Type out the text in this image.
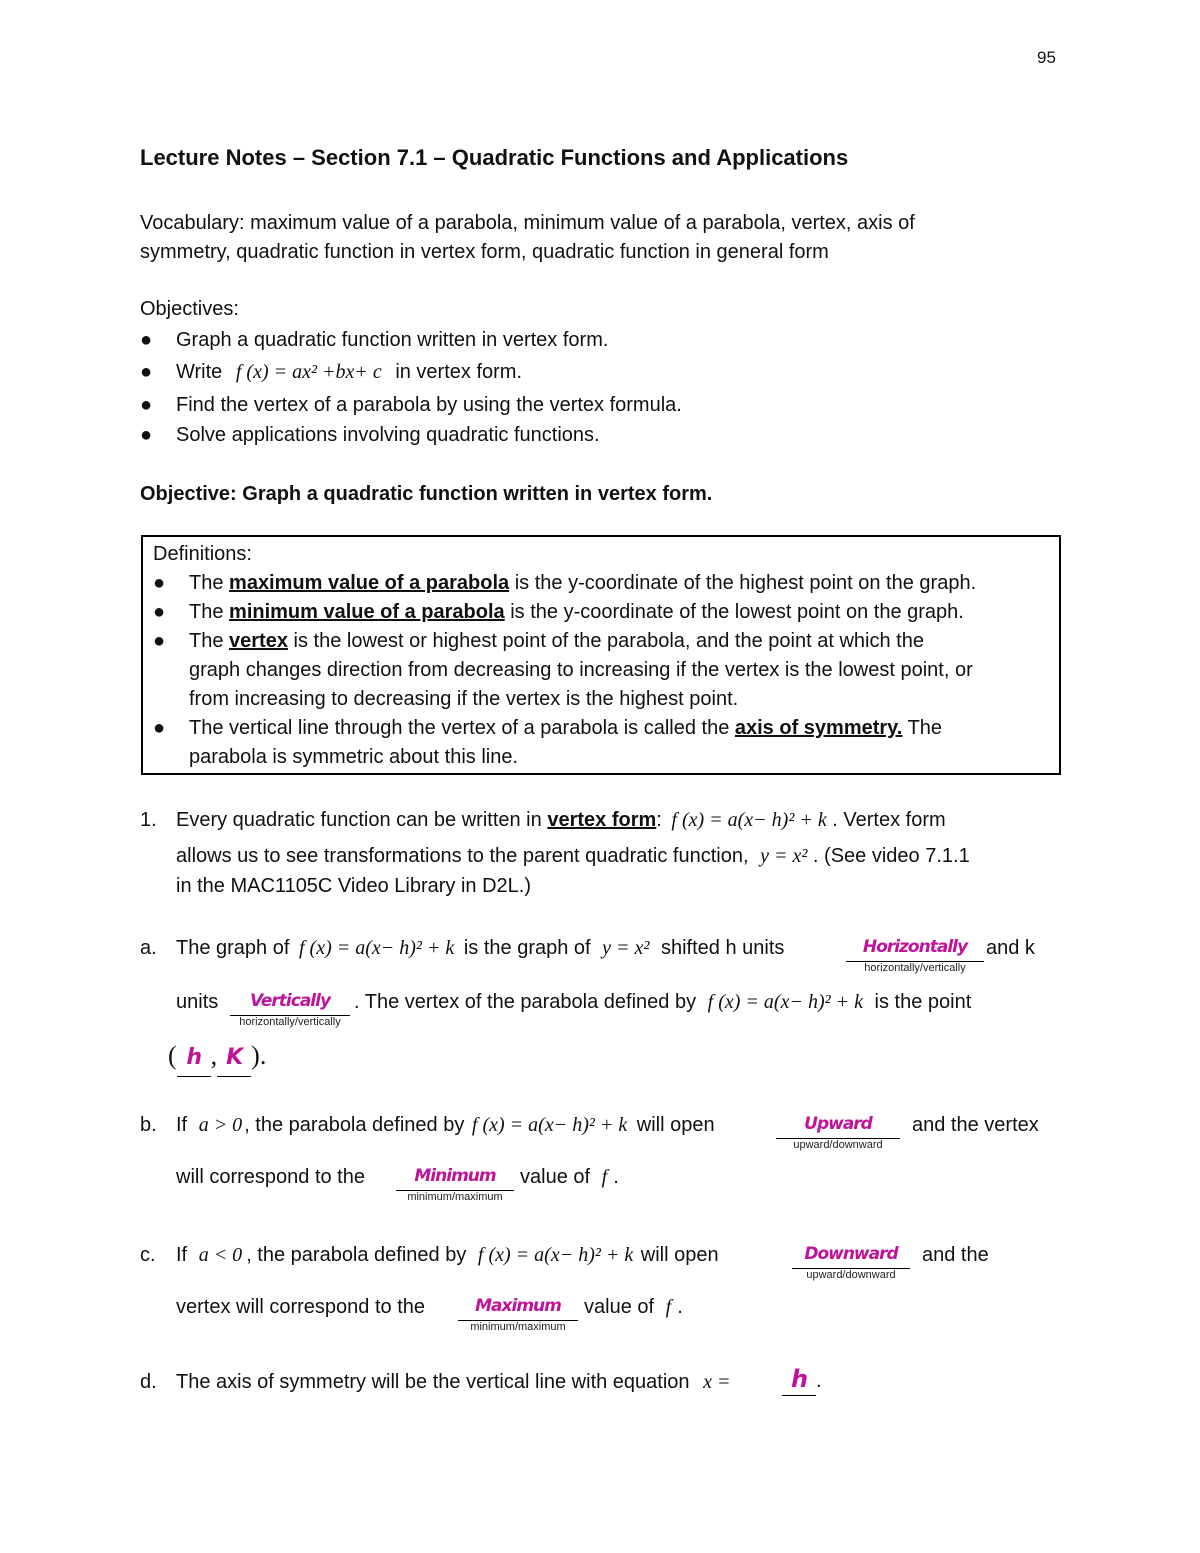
95
Lecture Notes – Section 7.1 – Quadratic Functions and Applications
Vocabulary: maximum value of a parabola, minimum value of a parabola, vertex, axis of
symmetry, quadratic function in vertex form, quadratic function in general form
Objectives:
● Graph a quadratic function written in vertex form.
● Write f (x) = ax² +bx+ c in vertex form.
● Find the vertex of a parabola by using the vertex formula.
● Solve applications involving quadratic functions.
Objective: Graph a quadratic function written in vertex form.
Definitions:
● The maximum value of a parabola is the y-coordinate of the highest point on the graph.
● The minimum value of a parabola is the y-coordinate of the lowest point on the graph.
● The vertex is the lowest or highest point of the parabola, and the point at which the
graph changes direction from decreasing to increasing if the vertex is the lowest point, or
from increasing to decreasing if the vertex is the highest point.
● The vertical line through the vertex of a parabola is called the axis of symmetry. The
parabola is symmetric about this line.
1. Every quadratic function can be written in vertex form: f (x) = a(x− h)² + k . Vertex form
allows us to see transformations to the parent quadratic function, y = x² . (See video 7.1.1
in the MAC1105C Video Library in D2L.)
a. The graph of f (x) = a(x− h)² + k is the graph of y = x² shifted h units	Horizontally
horizontally/vertically
and k
units	Vertically
horizontally/vertically
. The vertex of the parabola defined by f (x) = a(x− h)² + k is the point
( h , K ).
b. If a > 0 , the parabola defined by f (x) = a(x− h)² + k will open	Upward
upward/downward
and the vertex
will correspond to the	Minimum
minimum/maximum
value of f .
c. If a < 0 , the parabola defined by f (x) = a(x− h)² + k will open	Downward
upward/downward
and the
vertex will correspond to the	Maximum
minimum/maximum
value of f .
d. The axis of symmetry will be the vertical line with equation x =	h .
